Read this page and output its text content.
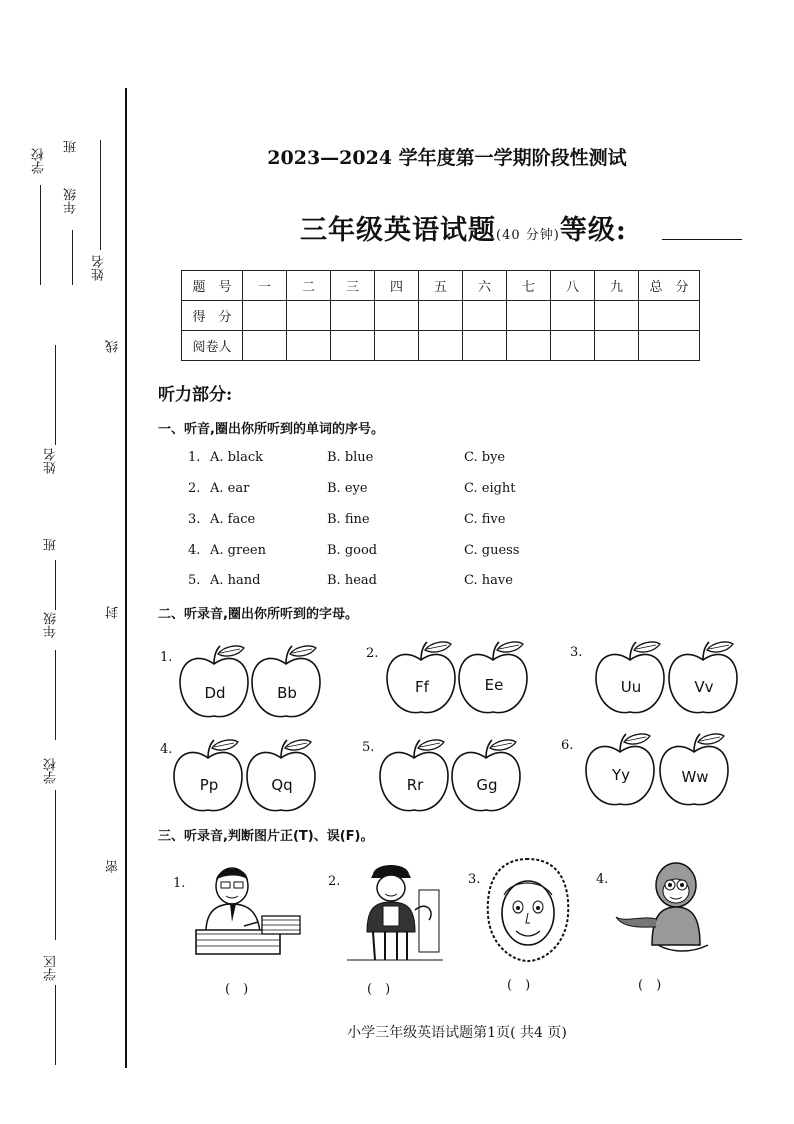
学校
班
年级
姓名
线
姓名
班
年级	封
学校
密
学区
2023—2024 学年度第一学期阶段性测试
三年级英语试题(40 分钟)等级:
题　号	一	二	三	四	五	六	七	八	九	总　分
得　分										
阅卷人										
听力部分:
一、听音,圈出你所听到的单词的序号。
1. A. black	B. blue	C. bye
2. A. ear	B. eye	C. eight
3. A. face	B. fine	C. five
4. A. green	B. good	C. guess
5. A. hand	B. head	C. have
二、听录音,圈出你所听到的字母。
1.
Dd	Bb
2.
Ff	Ee
3.
Uu	Vv
4.
Pp	Qq
5.
Rr	Gg
6.
Yy	Ww
三、听录音,判断图片正(T)、误(F)。
1.
(　)
2.
(　)
3.
(　)
4.
(　)
小学三年级英语试题第1页( 共4 页)
